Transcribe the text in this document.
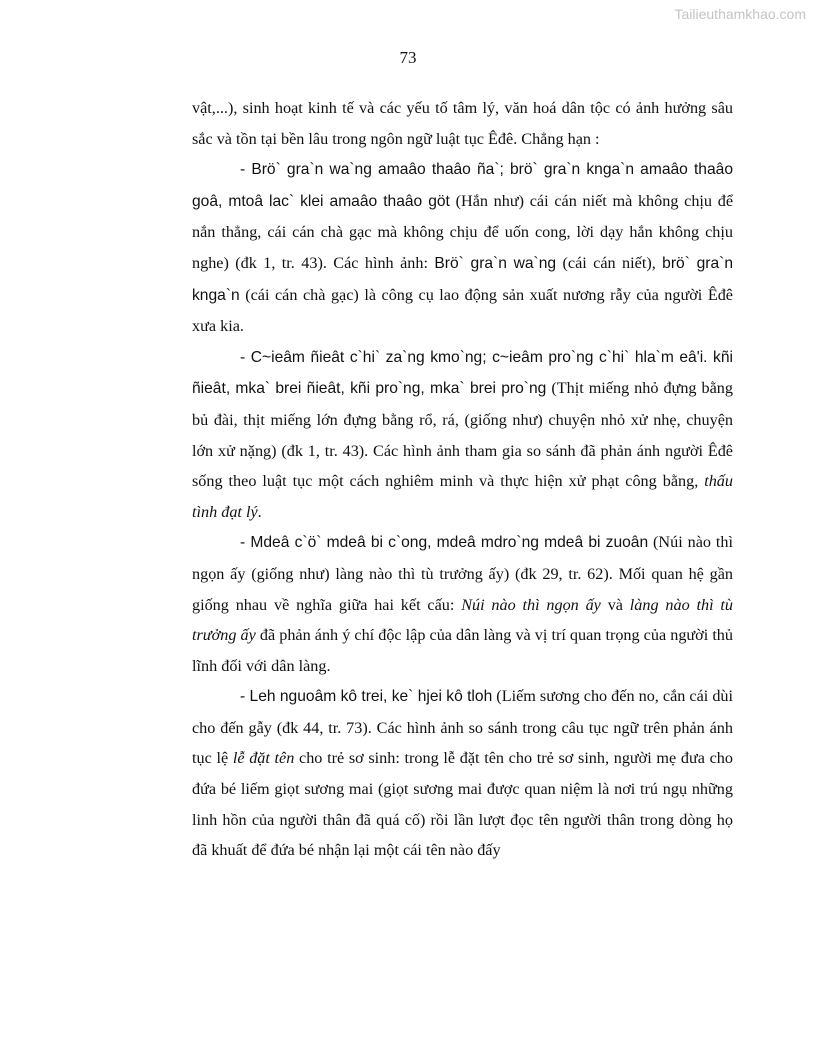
Tailieuthamkhao.com
73

vật,...), sinh hoạt kinh tế và các yếu tố tâm lý, văn hoá dân tộc có ảnh hưởng sâu sắc và tồn tại bền lâu trong ngôn ngữ luật tục Êđê. Chẳng hạn :

- Brö` gra`n wa`ng amaâo thaâo ña`; brö` gra`n knga`n amaâo thaâo goâ, mtoâ lac` klei amaâo thaâo göt (Hắn như) cái cán niết mà không chịu để nắn thẳng, cái cán chà gạc mà không chịu để uốn cong, lời dạy hắn không chịu nghe) (đk 1, tr. 43). Các hình ảnh: Brö` gra`n wa`ng (cái cán niết), brö` gra`n knga`n (cái cán chà gạc) là công cụ lao động sản xuất nương rẫy của người Êđê xưa kia.

- C~ieâm ñieât c`hi` za`ng kmo`ng; c~ieâm pro`ng c`hi` hla`m eâ'i. kñi ñieât, mka` brei ñieât, kñi pro`ng, mka` brei pro`ng (Thịt miếng nhỏ đựng bằng bủ đài, thịt miếng lớn đựng bằng rổ, rá, (giống như) chuyện nhỏ xử nhẹ, chuyện lớn xử nặng) (đk 1, tr. 43). Các hình ảnh tham gia so sánh đã phản ánh người Êđê sống theo luật tục một cách nghiêm minh và thực hiện xử phạt công bằng, thấu tình đạt lý.

- Mdeâ c`ö` mdeâ bi c`ong, mdeâ mdro`ng mdeâ bi zuoân (Núi nào thì ngọn ấy (giống như) làng nào thì tù trưởng ấy) (đk 29, tr. 62). Mối quan hệ gần giống nhau về nghĩa giữa hai kết cấu: Núi nào thì ngọn ấy và làng nào thì tù trưởng ấy đã phản ánh ý chí độc lập của dân làng và vị trí quan trọng của người thủ lĩnh đối với dân làng.

- Leh nguoâm kô trei, ke` hjei kô tloh (Liếm sương cho đến no, cắn cái dùi cho đến gẫy (đk 44, tr. 73). Các hình ảnh so sánh trong câu tục ngữ trên phản ánh tục lệ lễ đặt tên cho trẻ sơ sinh: trong lễ đặt tên cho trẻ sơ sinh, người mẹ đưa cho đứa bé liếm giọt sương mai (giọt sương mai được quan niệm là nơi trú ngụ những linh hồn của người thân đã quá cố) rồi lần lượt đọc tên người thân trong dòng họ đã khuất để đứa bé nhận lại một cái tên nào đấy
